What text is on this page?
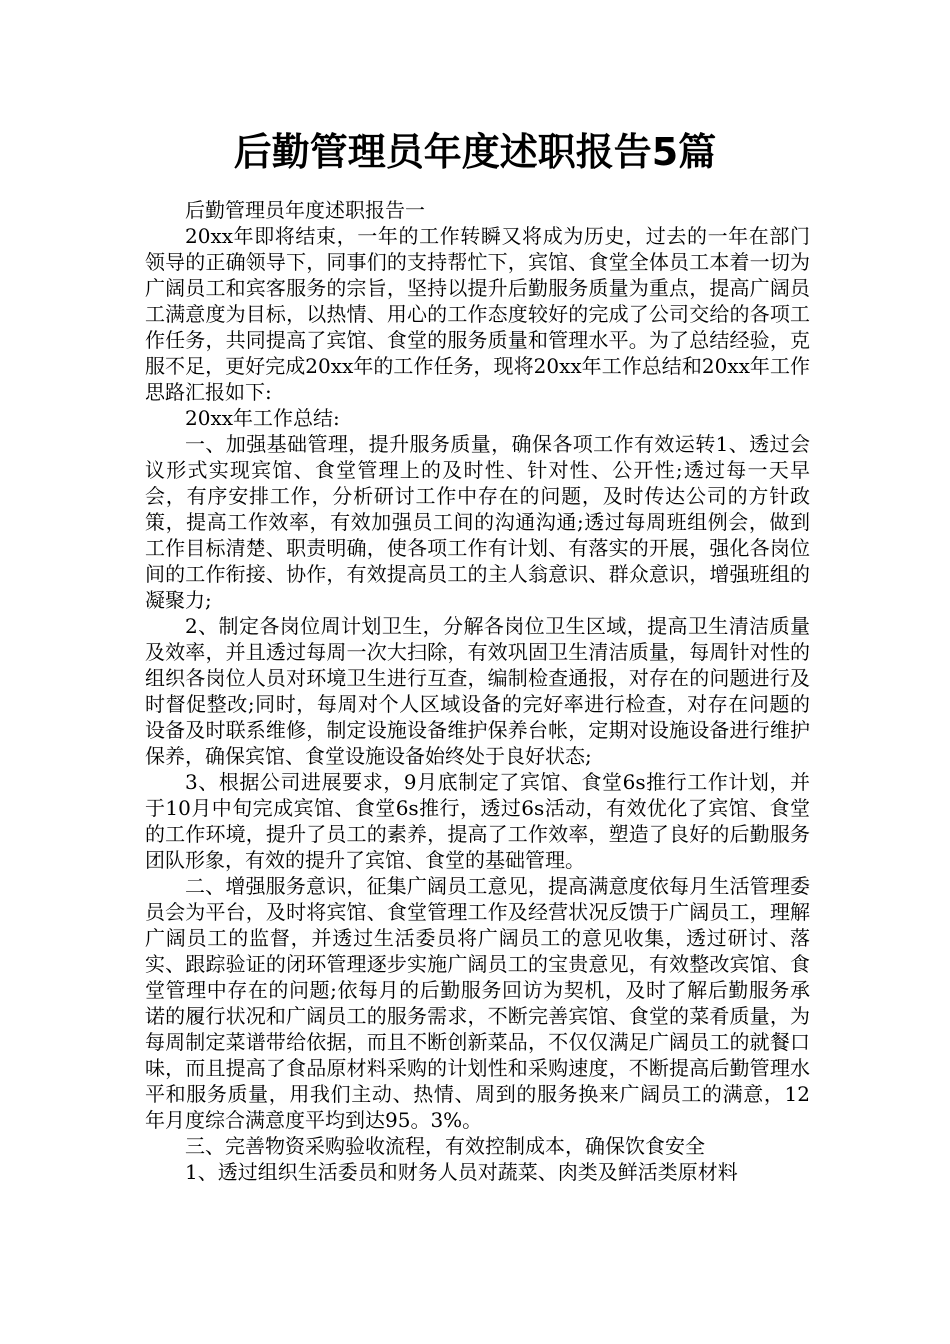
后勤管理员年度述职报告5篇

后勤管理员年度述职报告一

20xx年即将结束，一年的工作转瞬又将成为历史，过去的一年在部门领导的正确领导下，同事们的支持帮忙下，宾馆、食堂全体员工本着一切为广阔员工和宾客服务的宗旨，坚持以提升后勤服务质量为重点，提高广阔员工满意度为目标，以热情、用心的工作态度较好的完成了公司交给的各项工作任务，共同提高了宾馆、食堂的服务质量和管理水平。为了总结经验，克服不足，更好完成20xx年的工作任务，现将20xx年工作总结和20xx年工作思路汇报如下:

20xx年工作总结:

一、加强基础管理，提升服务质量，确保各项工作有效运转1、透过会议形式实现宾馆、食堂管理上的及时性、针对性、公开性;透过每一天早会，有序安排工作，分析研讨工作中存在的问题，及时传达公司的方针政策，提高工作效率，有效加强员工间的沟通沟通;透过每周班组例会，做到工作目标清楚、职责明确，使各项工作有计划、有落实的开展，强化各岗位间的工作衔接、协作，有效提高员工的主人翁意识、群众意识，增强班组的凝聚力;

2、制定各岗位周计划卫生，分解各岗位卫生区域，提高卫生清洁质量及效率，并且透过每周一次大扫除，有效巩固卫生清洁质量，每周针对性的组织各岗位人员对环境卫生进行互查，编制检查通报，对存在的问题进行及时督促整改;同时，每周对个人区域设备的完好率进行检查，对存在问题的设备及时联系维修，制定设施设备维护保养台帐，定期对设施设备进行维护保养，确保宾馆、食堂设施设备始终处于良好状态;

3、根据公司进展要求，9月底制定了宾馆、食堂6s推行工作计划，并于10月中旬完成宾馆、食堂6s推行，透过6s活动，有效优化了宾馆、食堂的工作环境，提升了员工的素养，提高了工作效率，塑造了良好的后勤服务团队形象，有效的提升了宾馆、食堂的基础管理。

二、增强服务意识，征集广阔员工意见，提高满意度依每月生活管理委员会为平台，及时将宾馆、食堂管理工作及经营状况反馈于广阔员工，理解广阔员工的监督，并透过生活委员将广阔员工的意见收集，透过研讨、落实、跟踪验证的闭环管理逐步实施广阔员工的宝贵意见，有效整改宾馆、食堂管理中存在的问题;依每月的后勤服务回访为契机，及时了解后勤服务承诺的履行状况和广阔员工的服务需求，不断完善宾馆、食堂的菜肴质量，为每周制定菜谱带给依据，而且不断创新菜品，不仅仅满足广阔员工的就餐口味，而且提高了食品原材料采购的计划性和采购速度，不断提高后勤管理水平和服务质量，用我们主动、热情、周到的服务换来广阔员工的满意，12年月度综合满意度平均到达95。3%。

三、完善物资采购验收流程，有效控制成本，确保饮食安全

1、透过组织生活委员和财务人员对蔬菜、肉类及鲜活类原材料
